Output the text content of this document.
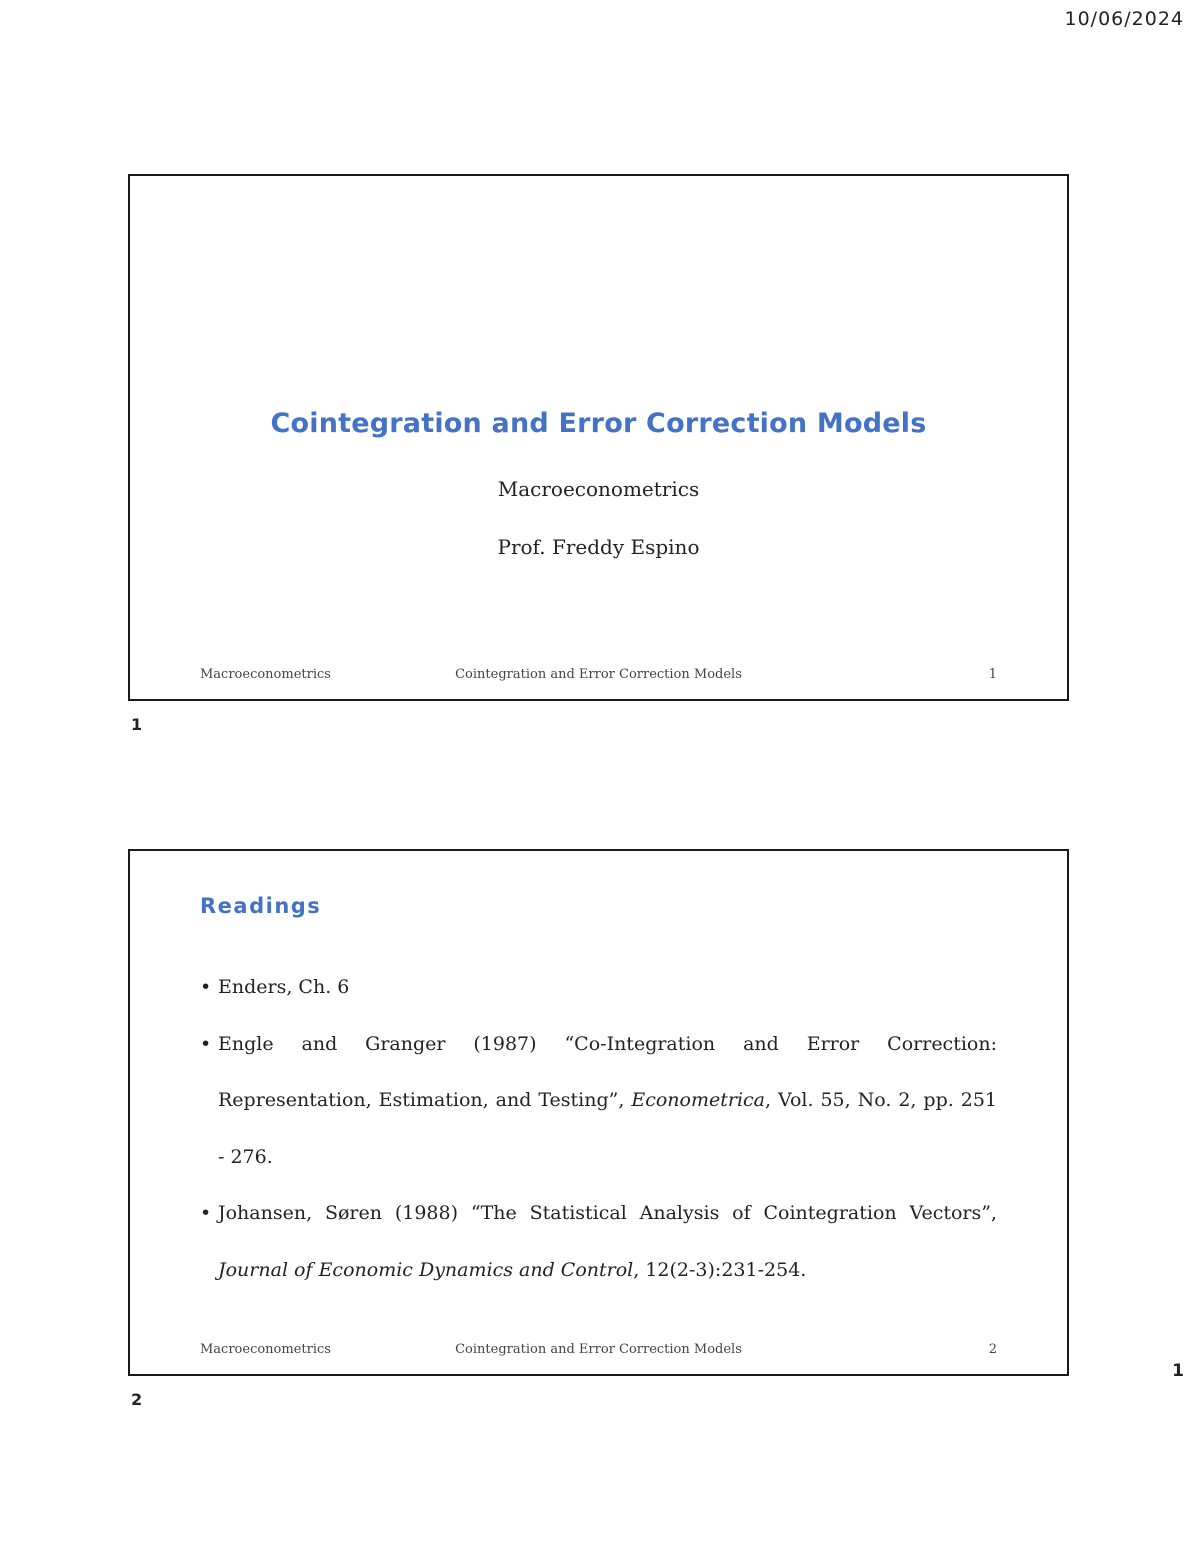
10/06/2024
Cointegration and Error Correction Models
Macroeconometrics
Prof. Freddy Espino
Macroeconometrics	Cointegration and Error Correction Models	1
1
Readings
• Enders, Ch. 6
• Engle and Granger (1987) “Co-Integration and Error Correction: Representation, Estimation, and Testing”, Econometrica, Vol. 55, No. 2, pp. 251 - 276.
• Johansen, Søren (1988) “The Statistical Analysis of Cointegration Vectors”, Journal of Economic Dynamics and Control, 12(2-3):231-254.
Macroeconometrics	Cointegration and Error Correction Models	2
2
1
